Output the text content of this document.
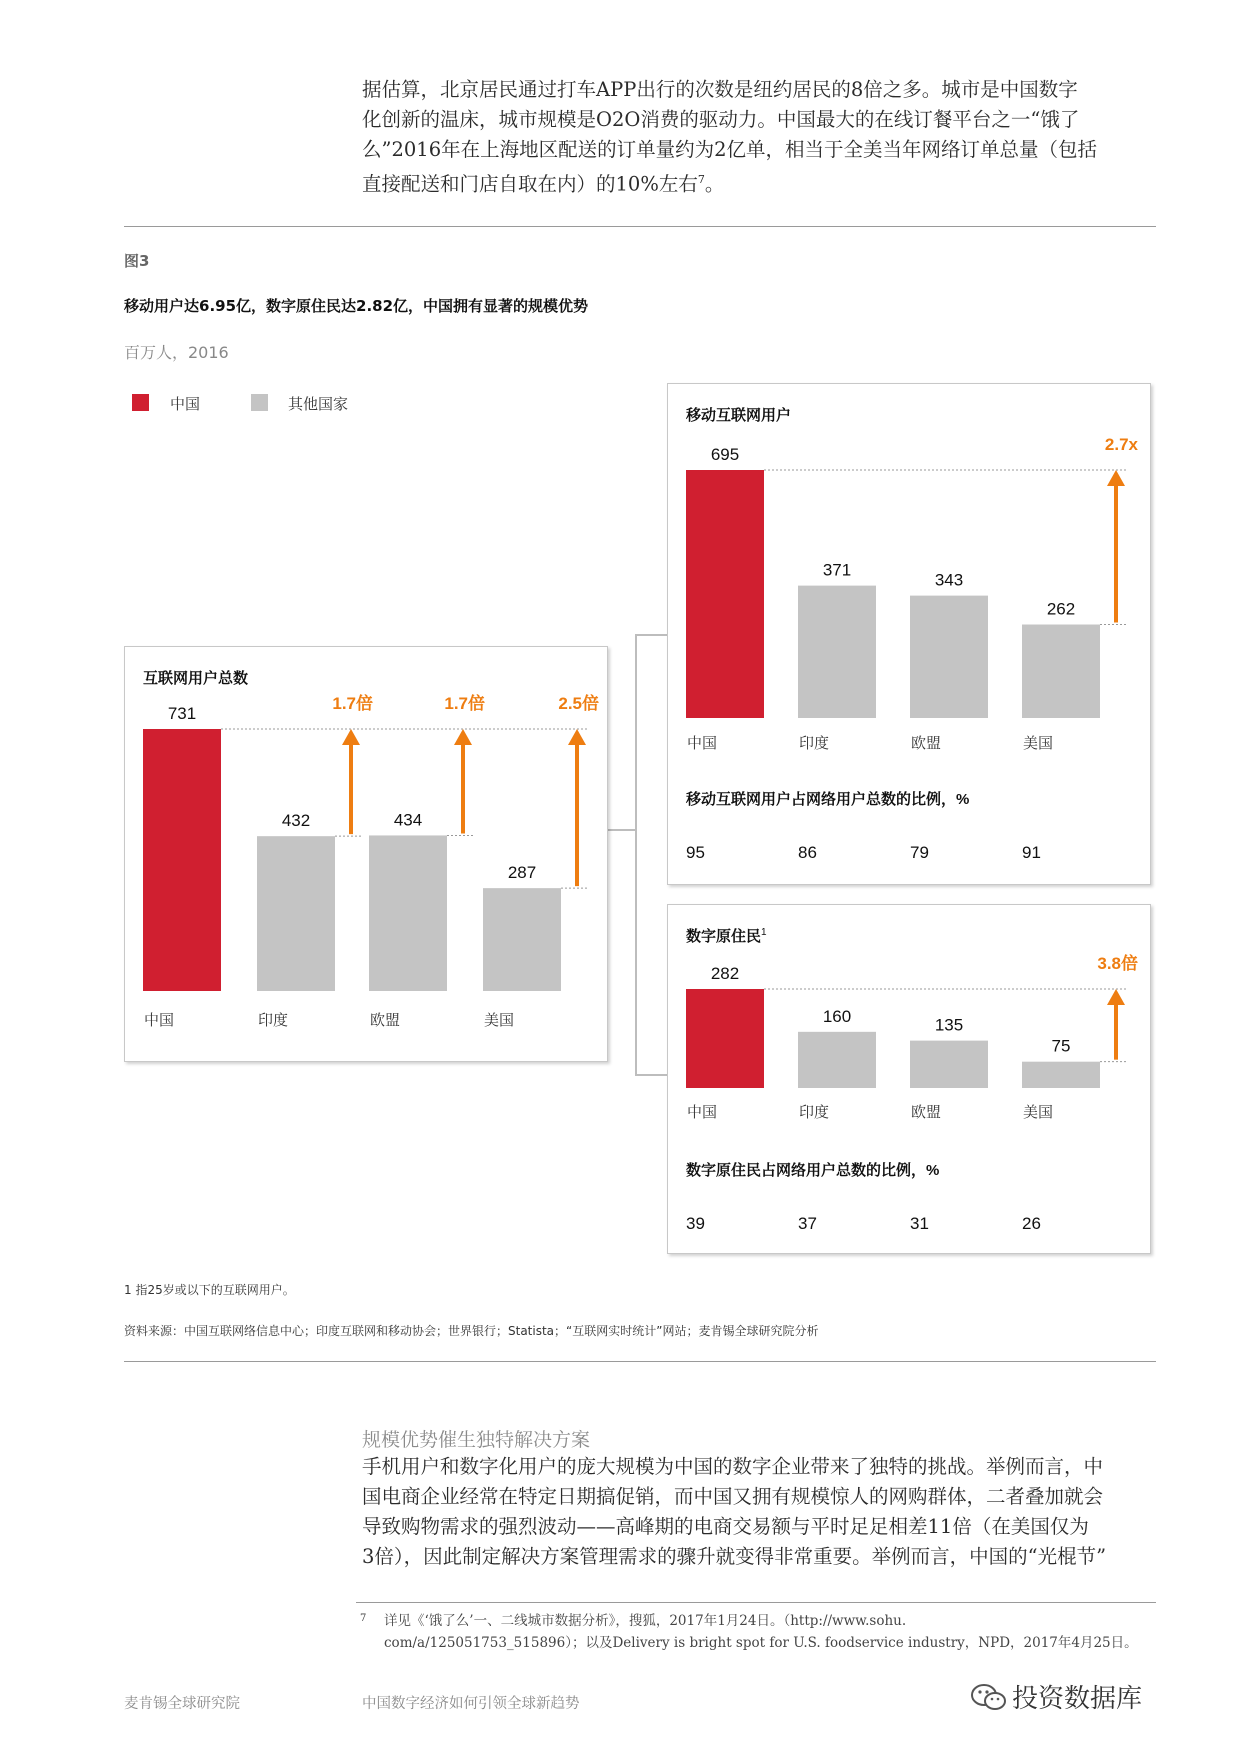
据估算，北京居民通过打车APP出行的次数是纽约居民的8倍之多。城市是中国数字

化创新的温床，城市规模是O2O消费的驱动力。中国最大的在线订餐平台之一“饿了

么”2016年在上海地区配送的订单量约为2亿单，相当于全美当年网络订单总量（包括

直接配送和门店自取在内）的10%左右$^7$。

图3
移动用户达6.95亿，数字原住民达2.82亿，中国拥有显著的规模优势
百万人，2016
中国	其他国家
互联网用户总数
731
中国
432
印度
1.7倍
434
欧盟
1.7倍
287
美国
2.5倍
移动互联网用户
695
中国
371
印度
343
欧盟
262
美国
2.7x
移动互联网用户占网络用户总数的比例，%
95	86	79	91
数字原住民$^1$
282
中国
160
印度
135
欧盟
75
美国
3.8倍
数字原住民占网络用户总数的比例，%
39	37	31	26
1 指25岁或以下的互联网用户。
资料来源：中国互联网络信息中心；印度互联网和移动协会；世界银行；Statista；“互联网实时统计”网站；麦肯锡全球研究院分析
规模优势催生独特解决方案

手机用户和数字化用户的庞大规模为中国的数字企业带来了独特的挑战。举例而言，中

国电商企业经常在特定日期搞促销，而中国又拥有规模惊人的网购群体，二者叠加就会

导致购物需求的强烈波动——高峰期的电商交易额与平时足足相差11倍（在美国仅为

3倍），因此制定解决方案管理需求的骤升就变得非常重要。举例而言，中国的“光棍节”

7 详见《‘饿了么’一、二线城市数据分析》，搜狐，2017年1月24日。（http://www.sohu.
com/a/125051753_515896）；以及Delivery is bright spot for U.S. foodservice industry，NPD，2017年4月25日。
麦肯锡全球研究院	中国数字经济如何引领全球新趋势	投资数据库
